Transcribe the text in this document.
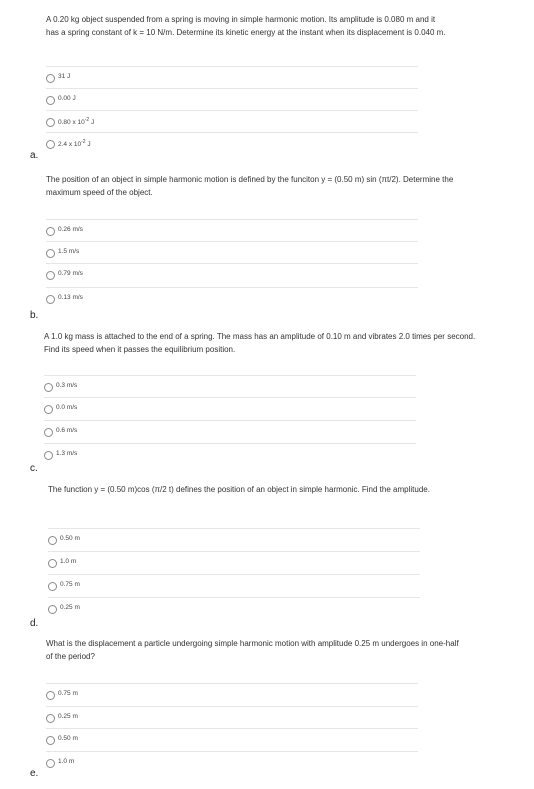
A 0.20 kg object suspended from a spring is moving in simple harmonic motion. Its amplitude is 0.080 m and it has a spring constant of k = 10 N/m. Determine its kinetic energy at the instant when its displacement is 0.040 m.
31 J
0.00 J
0.80 x $10^{-2}$ J
2.4 x $10^{-2}$ J
a.
The position of an object in simple harmonic motion is defined by the funciton y = (0.50 m) sin (πt/2). Determine the maximum speed of the object.
0.26 m/s
1.5 m/s
0.79 m/s
0.13 m/s
b.
A 1.0 kg mass is attached to the end of a spring. The mass has an amplitude of 0.10 m and vibrates 2.0 times per second. Find its speed when it passes the equilibrium position.
0.3 m/s
0.0 m/s
0.6 m/s
1.3 m/s
c.
The function y = (0.50 m)cos (π/2 t) defines the position of an object in simple harmonic. Find the amplitude.
0.50 m
1.0 m
0.75 m
0.25 m
d.
What is the displacement a particle undergoing simple harmonic motion with amplitude 0.25 m undergoes in one-half of the period?
0.75 m
0.25 m
0.50 m
1.0 m
e.
